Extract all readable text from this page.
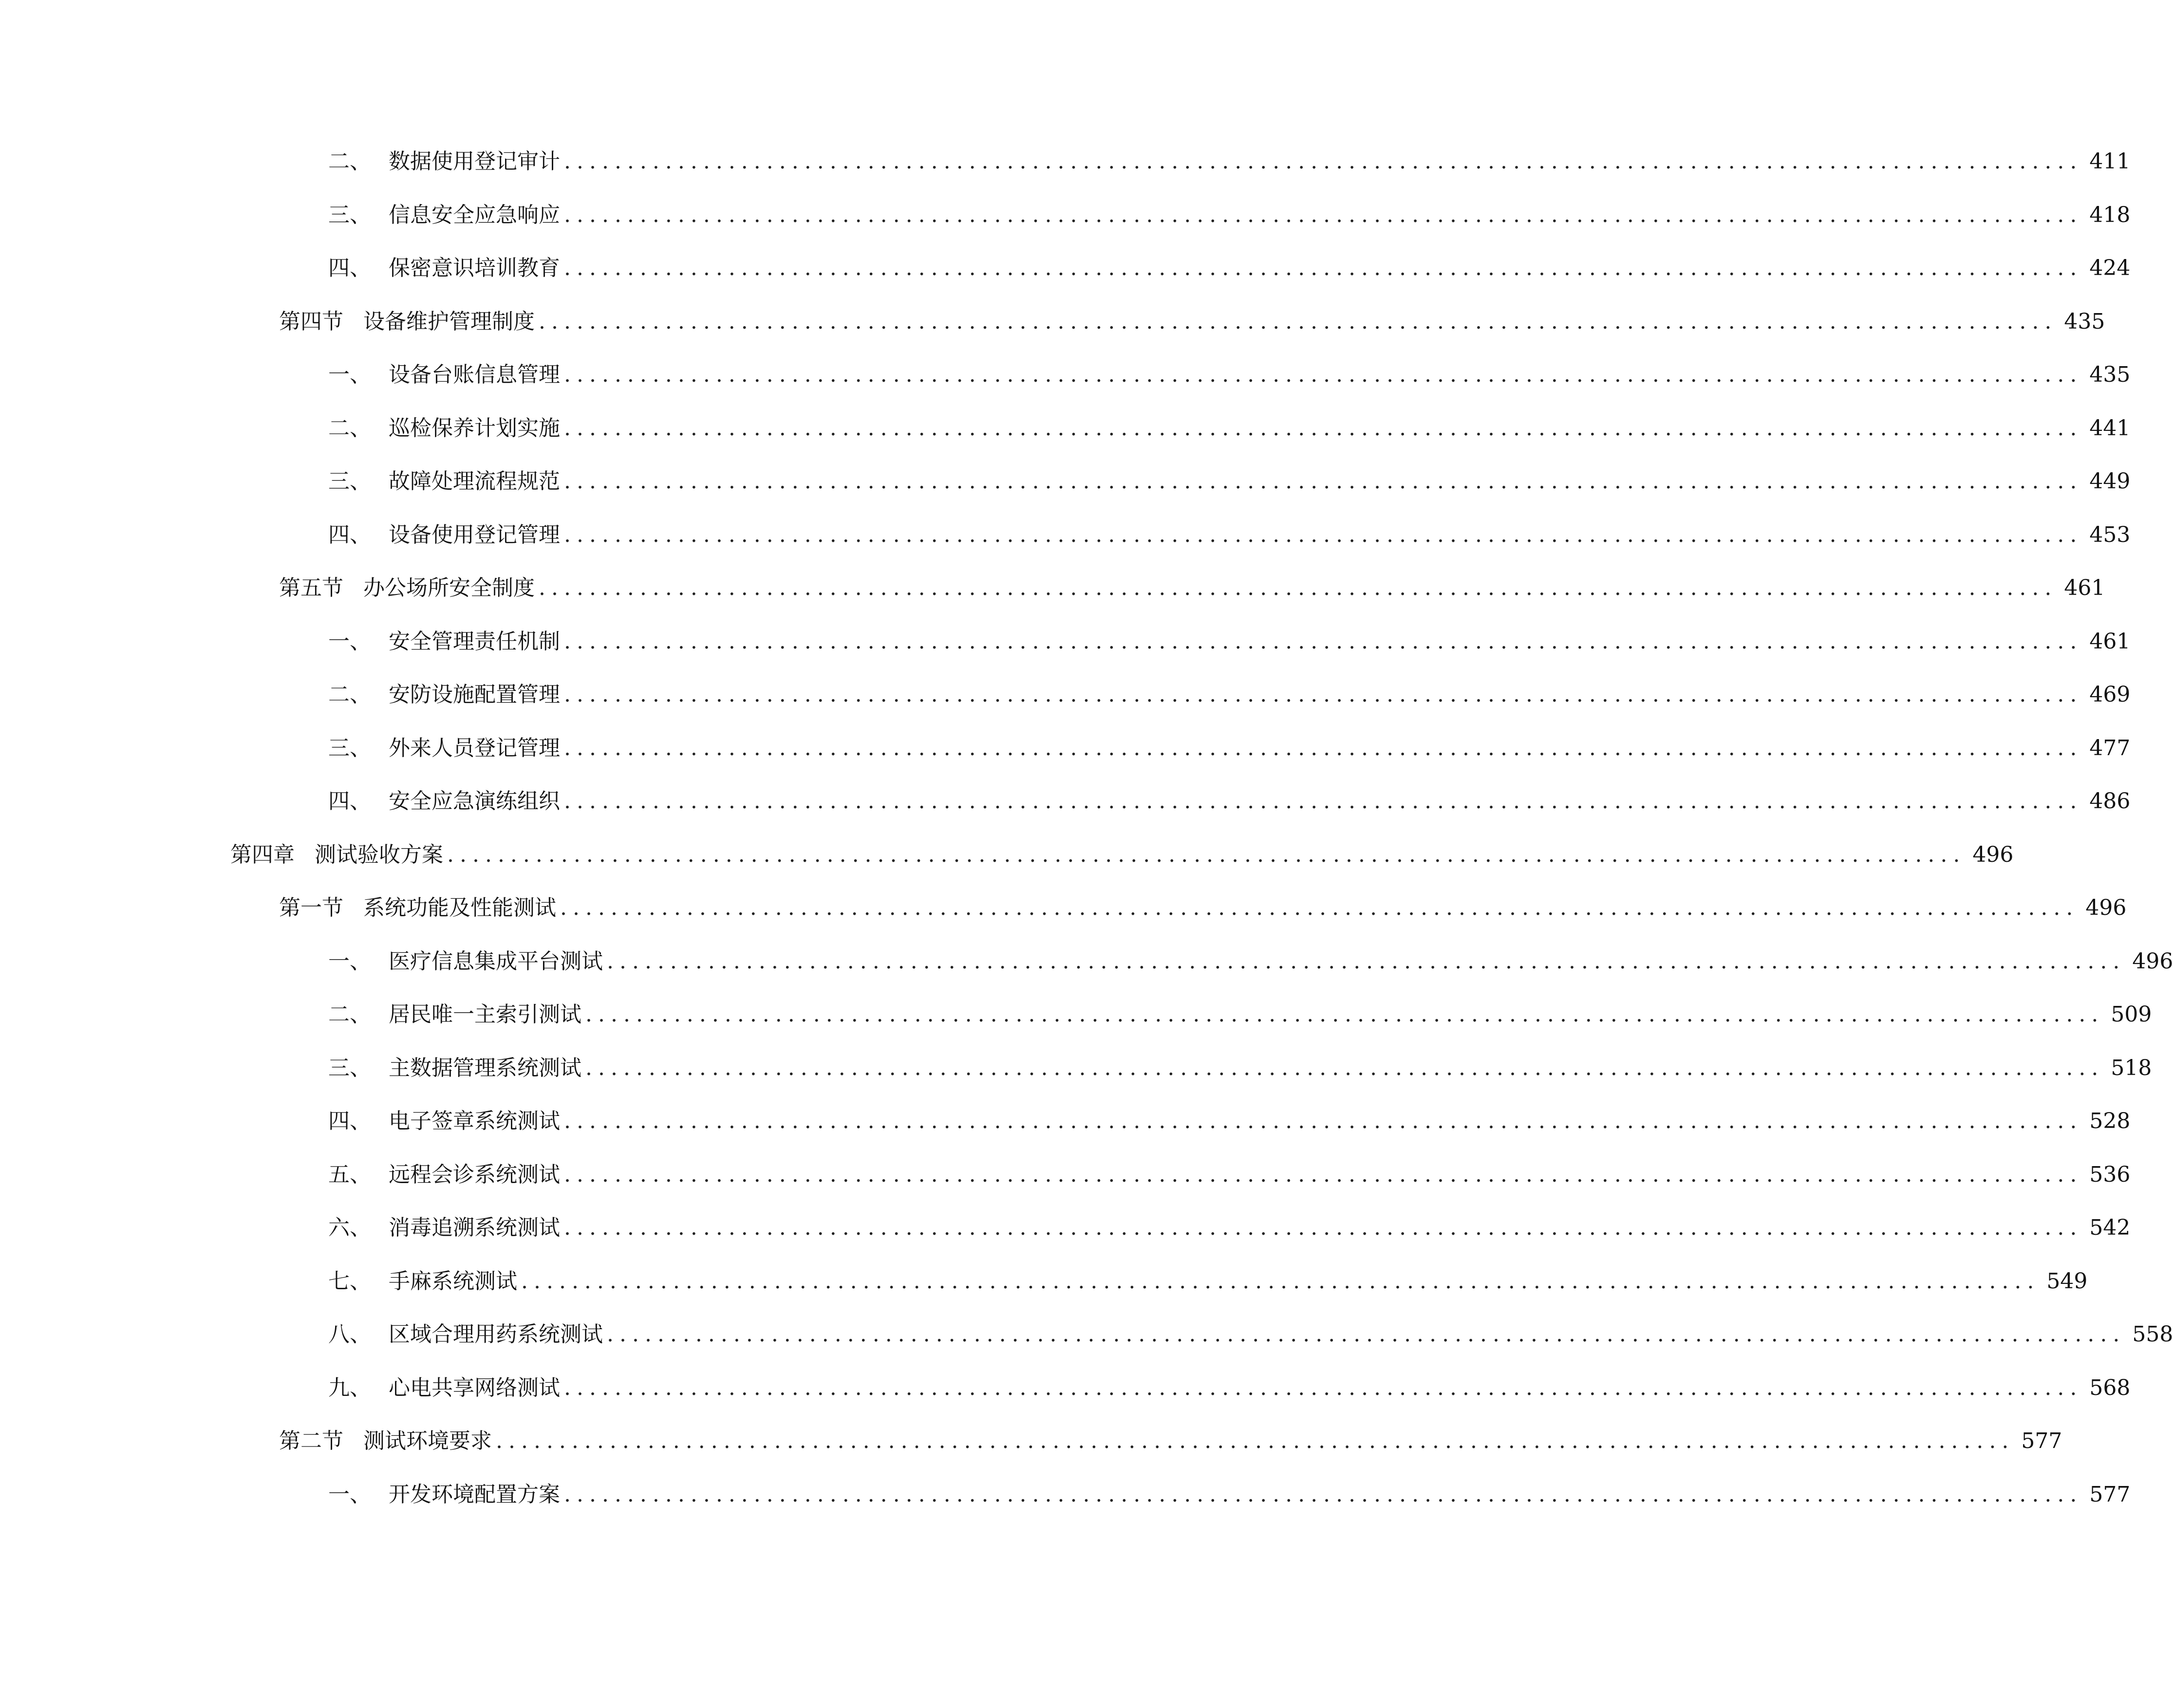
二、 数据使用登记审计 ........................................................................................................................ 411
三、 信息安全应急响应 ........................................................................................................................ 418
四、 保密意识培训教育 ........................................................................................................................ 424
第四节 设备维护管理制度 ........................................................................................................................ 435
一、 设备台账信息管理 ........................................................................................................................ 435
二、 巡检保养计划实施 ........................................................................................................................ 441
三、 故障处理流程规范 ........................................................................................................................ 449
四、 设备使用登记管理 ........................................................................................................................ 453
第五节 办公场所安全制度 ........................................................................................................................ 461
一、 安全管理责任机制 ........................................................................................................................ 461
二、 安防设施配置管理 ........................................................................................................................ 469
三、 外来人员登记管理 ........................................................................................................................ 477
四、 安全应急演练组织 ........................................................................................................................ 486
第四章 测试验收方案 ........................................................................................................................ 496
第一节 系统功能及性能测试 ........................................................................................................................ 496
一、 医疗信息集成平台测试 ........................................................................................................................ 496
二、 居民唯一主索引测试 ........................................................................................................................ 509
三、 主数据管理系统测试 ........................................................................................................................ 518
四、 电子签章系统测试 ........................................................................................................................ 528
五、 远程会诊系统测试 ........................................................................................................................ 536
六、 消毒追溯系统测试 ........................................................................................................................ 542
七、 手麻系统测试 ........................................................................................................................ 549
八、 区域合理用药系统测试 ........................................................................................................................ 558
九、 心电共享网络测试 ........................................................................................................................ 568
第二节 测试环境要求 ........................................................................................................................ 577
一、 开发环境配置方案 ........................................................................................................................ 577
